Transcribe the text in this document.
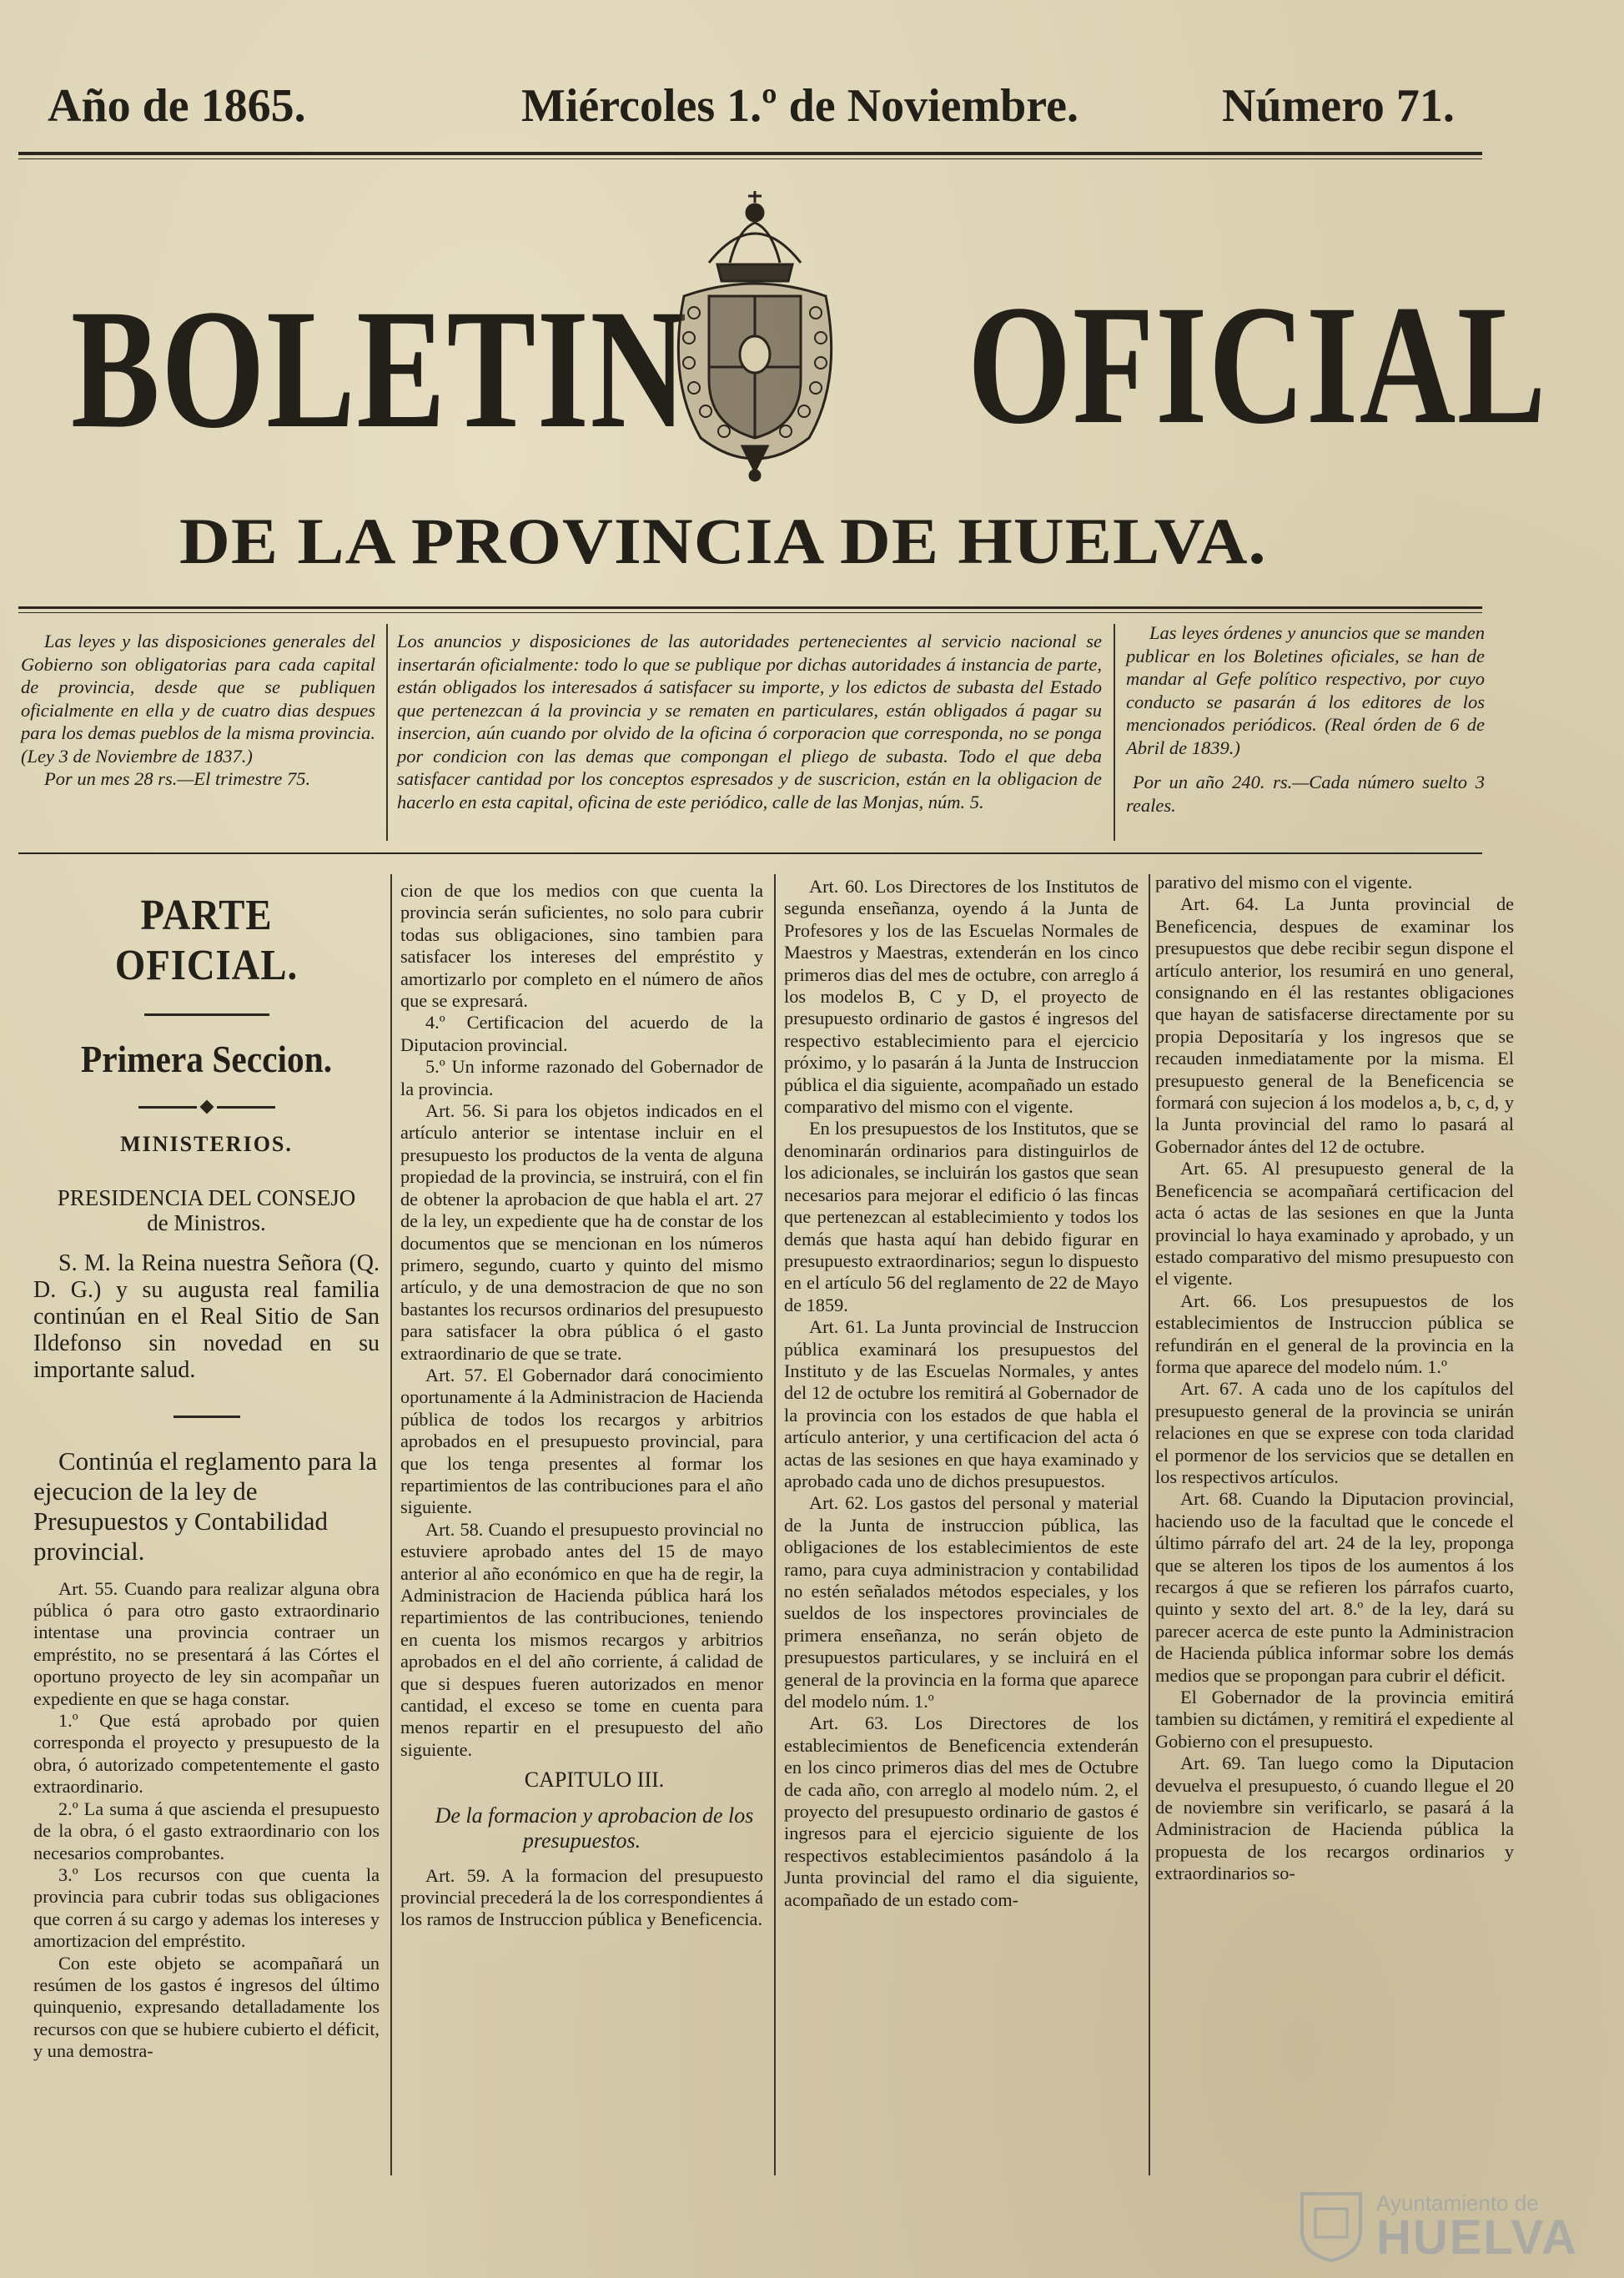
Año de 1865.	Miércoles 1.º de Noviembre.	Número 71.
BOLETIN OFICIAL
DE LA PROVINCIA DE HUELVA.

Las leyes y las disposiciones generales del Gobierno son obligatorias para cada capital de provincia, desde que se publiquen oficialmente en ella y de cuatro dias despues para los demas pueblos de la misma provincia. (Ley 3 de Noviembre de 1837.)

Por un mes 28 rs.—El trimestre 75.

Los anuncios y disposiciones de las autoridades pertenecientes al servicio nacional se insertarán oficialmente: todo lo que se publique por dichas autoridades á instancia de parte, están obligados los interesados á satisfacer su importe, y los edictos de subasta del Estado que pertenezcan á la provincia y se rematen en particulares, están obligados á pagar su insercion, aún cuando por olvido de la oficina ó corporacion que corresponda, no se ponga por condicion con las demas que compongan el pliego de subasta. Todo el que deba satisfacer cantidad por los conceptos espresados y de suscricion, están en la obligacion de hacerlo en esta capital, oficina de este periódico, calle de las Monjas, núm. 5.

Las leyes órdenes y anuncios que se manden publicar en los Boletines oficiales, se han de mandar al Gefe político respectivo, por cuyo conducto se pasarán á los editores de los mencionados periódicos. (Real órden de 6 de Abril de 1839.)

Por un año 240. rs.—Cada número suelto 3 reales.

PARTE OFICIAL.
Primera Seccion.
MINISTERIOS.
PRESIDENCIA DEL CONSEJO
de Ministros.

S. M. la Reina nuestra Señora (Q. D. G.) y su augusta real familia continúan en el Real Sitio de San Ildefonso sin novedad en su importante salud.

Continúa el reglamento para la ejecucion de la ley de Presupuestos y Contabilidad provincial.

Art. 55. Cuando para realizar alguna obra pública ó para otro gasto extraordinario intentase una provincia contraer un empréstito, no se presentará á las Córtes el oportuno proyecto de ley sin acompañar un expediente en que se haga constar.

1.º Que está aprobado por quien corresponda el proyecto y presupuesto de la obra, ó autorizado competentemente el gasto extraordinario.

2.º La suma á que ascienda el presupuesto de la obra, ó el gasto extraordinario con los necesarios comprobantes.

3.º Los recursos con que cuenta la provincia para cubrir todas sus obligaciones que corren á su cargo y ademas los intereses y amortizacion del empréstito.

Con este objeto se acompañará un resúmen de los gastos é ingresos del último quinquenio, expresando detalladamente los recursos con que se hubiere cubierto el déficit, y una demostra-

cion de que los medios con que cuenta la provincia serán suficientes, no solo para cubrir todas sus obligaciones, sino tambien para satisfacer los intereses del empréstito y amortizarlo por completo en el número de años que se expresará.

4.º Certificacion del acuerdo de la Diputacion provincial.

5.º Un informe razonado del Gobernador de la provincia.

Art. 56. Si para los objetos indicados en el artículo anterior se intentase incluir en el presupuesto los productos de la venta de alguna propiedad de la provincia, se instruirá, con el fin de obtener la aprobacion de que habla el art. 27 de la ley, un expediente que ha de constar de los documentos que se mencionan en los números primero, segundo, cuarto y quinto del mismo artículo, y de una demostracion de que no son bastantes los recursos ordinarios del presupuesto para satisfacer la obra pública ó el gasto extraordinario de que se trate.

Art. 57. El Gobernador dará conocimiento oportunamente á la Administracion de Hacienda pública de todos los recargos y arbitrios aprobados en el presupuesto provincial, para que los tenga presentes al formar los repartimientos de las contribuciones para el año siguiente.

Art. 58. Cuando el presupuesto provincial no estuviere aprobado antes del 15 de mayo anterior al año económico en que ha de regir, la Administracion de Hacienda pública hará los repartimientos de las contribuciones, teniendo en cuenta los mismos recargos y arbitrios aprobados en el del año corriente, á calidad de que si despues fueren autorizados en menor cantidad, el exceso se tome en cuenta para menos repartir en el presupuesto del año siguiente.

CAPITULO III.

De la formacion y aprobacion de los presupuestos.

Art. 59. A la formacion del presupuesto provincial precederá la de los correspondientes á los ramos de Instruccion pública y Beneficencia.

Art. 60. Los Directores de los Institutos de segunda enseñanza, oyendo á la Junta de Profesores y los de las Escuelas Normales de Maestros y Maestras, extenderán en los cinco primeros dias del mes de octubre, con arreglo á los modelos B, C y D, el proyecto de presupuesto ordinario de gastos é ingresos del respectivo establecimiento para el ejercicio próximo, y lo pasarán á la Junta de Instruccion pública el dia siguiente, acompañado un estado comparativo del mismo con el vigente.

En los presupuestos de los Institutos, que se denominarán ordinarios para distinguirlos de los adicionales, se incluirán los gastos que sean necesarios para mejorar el edificio ó las fincas que pertenezcan al establecimiento y todos los demás que hasta aquí han debido figurar en presupuesto extraordinarios; segun lo dispuesto en el artículo 56 del reglamento de 22 de Mayo de 1859.

Art. 61. La Junta provincial de Instruccion pública examinará los presupuestos del Instituto y de las Escuelas Normales, y antes del 12 de octubre los remitirá al Gobernador de la provincia con los estados de que habla el artículo anterior, y una certificacion del acta ó actas de las sesiones en que haya examinado y aprobado cada uno de dichos presupuestos.

Art. 62. Los gastos del personal y material de la Junta de instruccion pública, las obligaciones de los establecimientos de este ramo, para cuya administracion y contabilidad no estén señalados métodos especiales, y los sueldos de los inspectores provinciales de primera enseñanza, no serán objeto de presupuestos particulares, y se incluirá en el general de la provincia en la forma que aparece del modelo núm. 1.º

Art. 63. Los Directores de los establecimientos de Beneficencia extenderán en los cinco primeros dias del mes de Octubre de cada año, con arreglo al modelo núm. 2, el proyecto del presupuesto ordinario de gastos é ingresos para el ejercicio siguiente de los respectivos establecimientos pasándolo á la Junta provincial del ramo el dia siguiente, acompañado de un estado com-

parativo del mismo con el vigente.

Art. 64. La Junta provincial de Beneficencia, despues de examinar los presupuestos que debe recibir segun dispone el artículo anterior, los resumirá en uno general, consignando en él las restantes obligaciones que hayan de satisfacerse directamente por su propia Depositaría y los ingresos que se recauden inmediatamente por la misma. El presupuesto general de la Beneficencia se formará con sujecion á los modelos a, b, c, d, y la Junta provincial del ramo lo pasará al Gobernador ántes del 12 de octubre.

Art. 65. Al presupuesto general de la Beneficencia se acompañará certificacion del acta ó actas de las sesiones en que la Junta provincial lo haya examinado y aprobado, y un estado comparativo del mismo presupuesto con el vigente.

Art. 66. Los presupuestos de los establecimientos de Instruccion pública se refundirán en el general de la provincia en la forma que aparece del modelo núm. 1.º

Art. 67. A cada uno de los capítulos del presupuesto general de la provincia se unirán relaciones en que se exprese con toda claridad el pormenor de los servicios que se detallen en los respectivos artículos.

Art. 68. Cuando la Diputacion provincial, haciendo uso de la facultad que le concede el último párrafo del art. 24 de la ley, proponga que se alteren los tipos de los aumentos á los recargos á que se refieren los párrafos cuarto, quinto y sexto del art. 8.º de la ley, dará su parecer acerca de este punto la Administracion de Hacienda pública informar sobre los demás medios que se propongan para cubrir el déficit.

El Gobernador de la provincia emitirá tambien su dictámen, y remitirá el expediente al Gobierno con el presupuesto.

Art. 69. Tan luego como la Diputacion devuelva el presupuesto, ó cuando llegue el 20 de noviembre sin verificarlo, se pasará á la Administracion de Hacienda pública la propuesta de los recargos ordinarios y extraordinarios so-

Ayuntamiento de
HUELVA
